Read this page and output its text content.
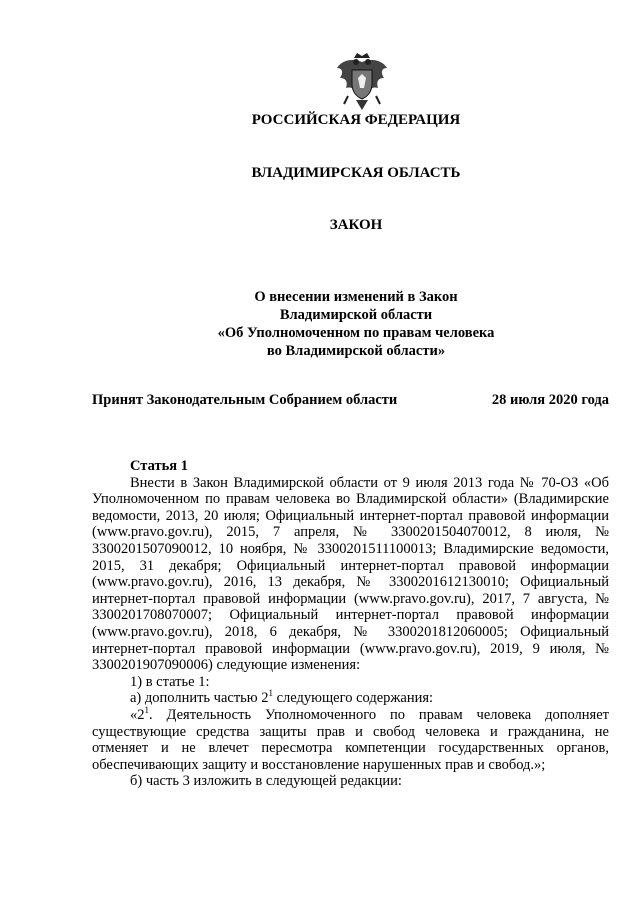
РОССИЙСКАЯ ФЕДЕРАЦИЯ
ВЛАДИМИРСКАЯ ОБЛАСТЬ
ЗАКОН
О внесении изменений в Закон
Владимирской области
«Об Уполномоченном по правам человека
во Владимирской области»
Принят Законодательным Собранием области	28 июля 2020 года

Статья 1

Внести в Закон Владимирской области от 9 июля 2013 года № 70-ОЗ «Об Уполномоченном по правам человека во Владимирской области» (Владимирские ведомости, 2013, 20 июля; Официальный интернет-портал правовой информации (www.pravo.gov.ru), 2015, 7 апреля, № 3300201504070012, 8 июля, № 3300201507090012, 10 ноября, № 3300201511100013; Владимирские ведомости, 2015, 31 декабря; Официальный интернет-портал правовой информации (www.pravo.gov.ru), 2016, 13 декабря, № 3300201612130010; Официальный интернет-портал правовой информации (www.pravo.gov.ru), 2017, 7 августа, № 3300201708070007; Официальный интернет-портал правовой информации (www.pravo.gov.ru), 2018, 6 декабря, № 3300201812060005; Официальный интернет-портал правовой информации (www.pravo.gov.ru), 2019, 9 июля, № 3300201907090006) следующие изменения:

1) в статье 1:

а) дополнить частью $2^1$ следующего содержания:

«$2^1$. Деятельность Уполномоченного по правам человека дополняет существующие средства защиты прав и свобод человека и гражданина, не отменяет и не влечет пересмотра компетенции государственных органов, обеспечивающих защиту и восстановление нарушенных прав и свобод.»;

б) часть 3 изложить в следующей редакции:
